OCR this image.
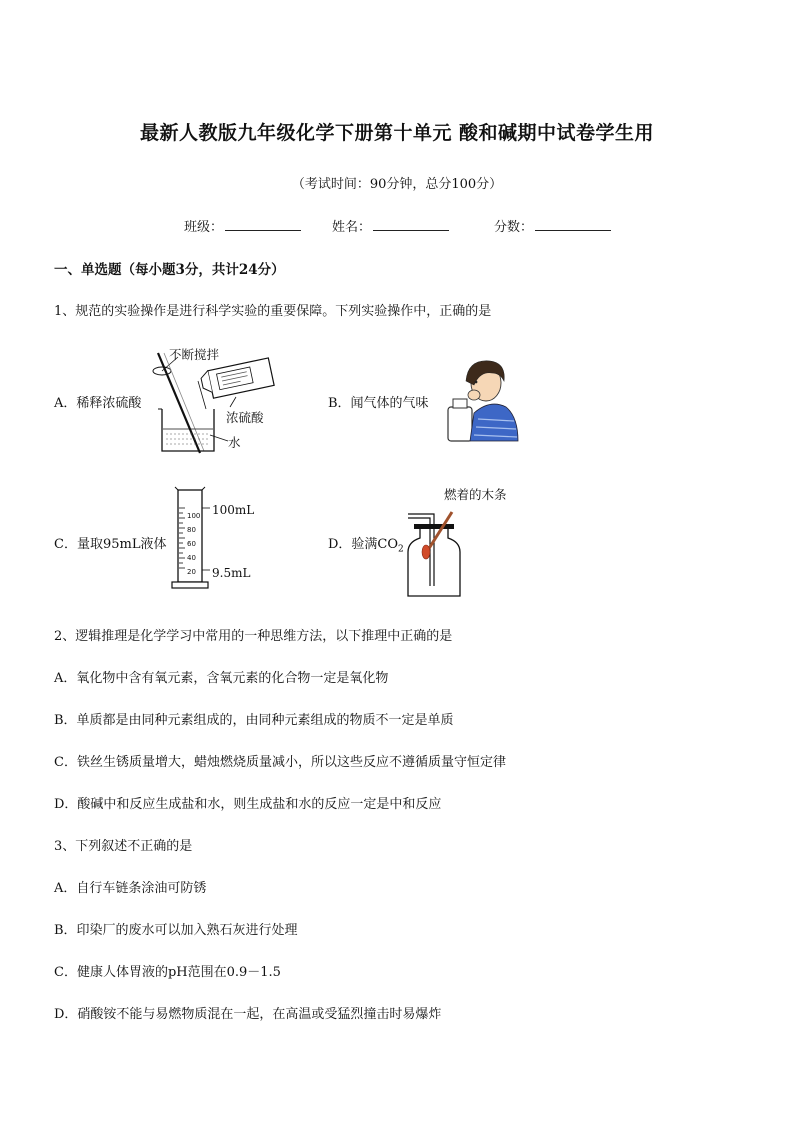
最新人教版九年级化学下册第十单元 酸和碱期中试卷学生用
（考试时间：90分钟，总分100分）
班级：	姓名：	分数：
一、单选题（每小题3分，共计24分）
1、规范的实验操作是进行科学实验的重要保障。下列实验操作中，正确的是
A．稀释浓硫酸	B．闻气体的气味
C．量取95mL液体	D．验满$CO_2$
不断搅拌
浓硫酸
水
100
80
60
40
20
100mL
9.5mL
燃着的木条
2、逻辑推理是化学学习中常用的一种思维方法，以下推理中正确的是
A．氧化物中含有氧元素，含氧元素的化合物一定是氧化物
B．单质都是由同种元素组成的，由同种元素组成的物质不一定是单质
C．铁丝生锈质量增大，蜡烛燃烧质量减小，所以这些反应不遵循质量守恒定律
D．酸碱中和反应生成盐和水，则生成盐和水的反应一定是中和反应
3、下列叙述不正确的是
A．自行车链条涂油可防锈
B．印染厂的废水可以加入熟石灰进行处理
C．健康人体胃液的pH范围在0.9－1.5
D．硝酸铵不能与易燃物质混在一起，在高温或受猛烈撞击时易爆炸
